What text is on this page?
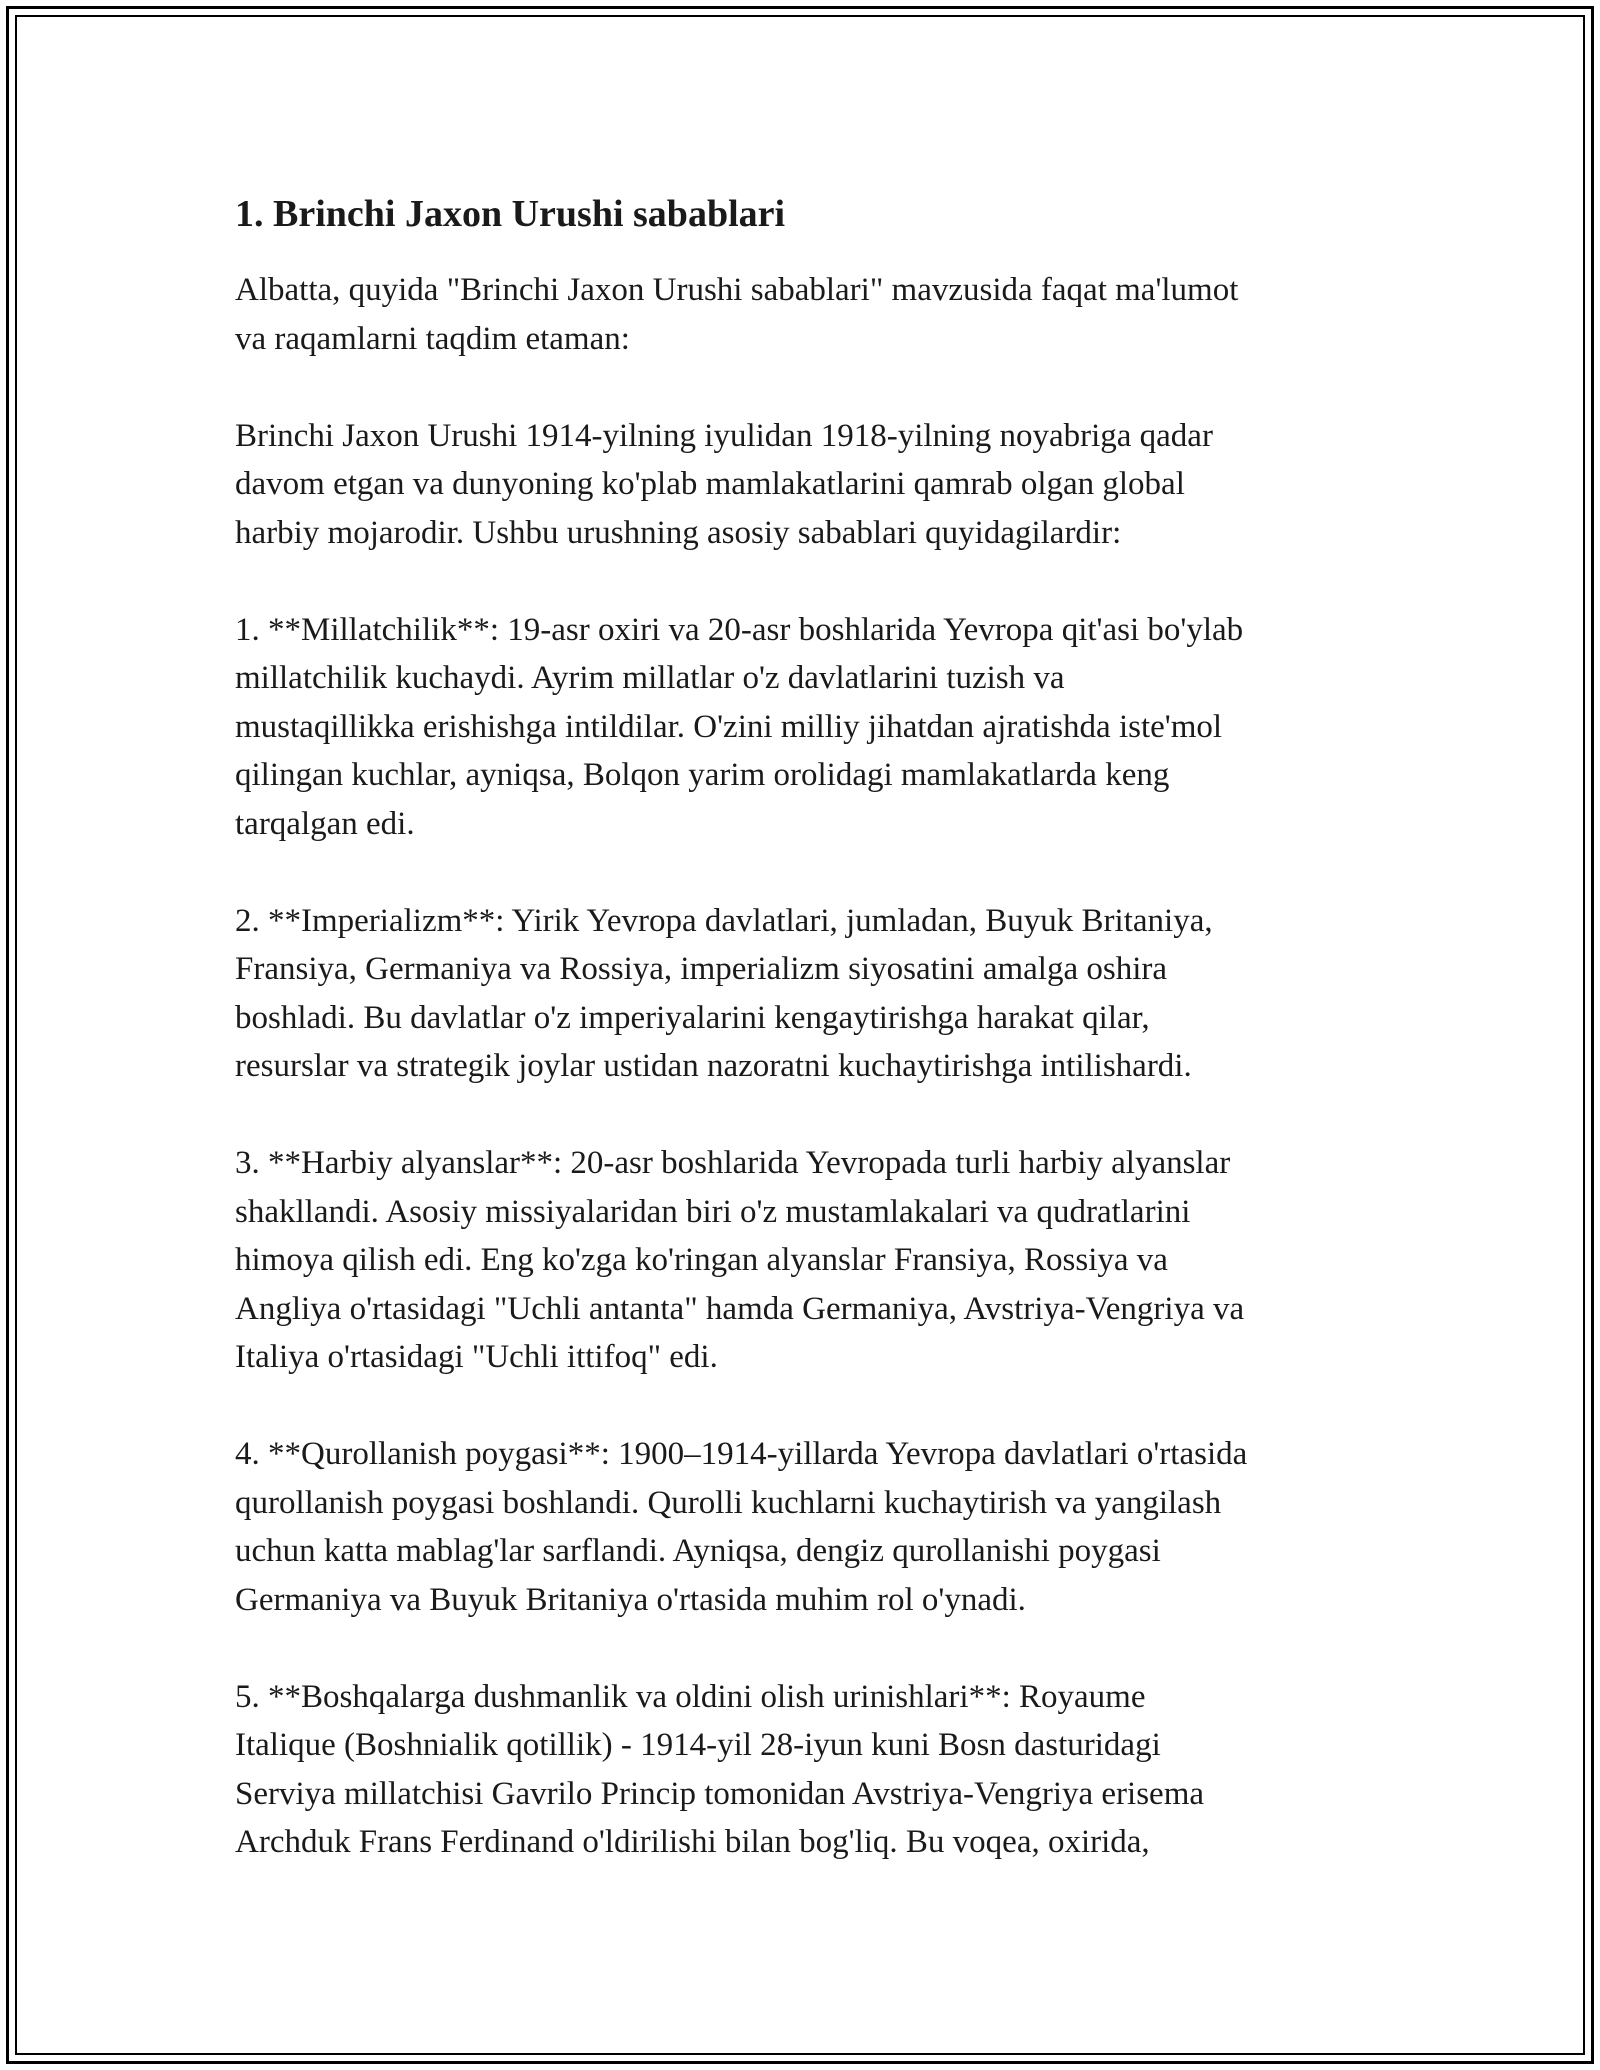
1. Brinchi Jaxon Urushi sabablari
Albatta, quyida "Brinchi Jaxon Urushi sabablari" mavzusida faqat ma'lumot
va raqamlarni taqdim etaman:
Brinchi Jaxon Urushi 1914-yilning iyulidan 1918-yilning noyabriga qadar
davom etgan va dunyoning ko'plab mamlakatlarini qamrab olgan global
harbiy mojarodir. Ushbu urushning asosiy sabablari quyidagilardir:
1. **Millatchilik**: 19-asr oxiri va 20-asr boshlarida Yevropa qit'asi bo'ylab
millatchilik kuchaydi. Ayrim millatlar o'z davlatlarini tuzish va
mustaqillikka erishishga intildilar. O'zini milliy jihatdan ajratishda iste'mol
qilingan kuchlar, ayniqsa, Bolqon yarim orolidagi mamlakatlarda keng
tarqalgan edi.
2. **Imperializm**: Yirik Yevropa davlatlari, jumladan, Buyuk Britaniya,
Fransiya, Germaniya va Rossiya, imperializm siyosatini amalga oshira
boshladi. Bu davlatlar o'z imperiyalarini kengaytirishga harakat qilar,
resurslar va strategik joylar ustidan nazoratni kuchaytirishga intilishardi.
3. **Harbiy alyanslar**: 20-asr boshlarida Yevropada turli harbiy alyanslar
shakllandi. Asosiy missiyalaridan biri o'z mustamlakalari va qudratlarini
himoya qilish edi. Eng ko'zga ko'ringan alyanslar Fransiya, Rossiya va
Angliya o'rtasidagi "Uchli antanta" hamda Germaniya, Avstriya-Vengriya va
Italiya o'rtasidagi "Uchli ittifoq" edi.
4. **Qurollanish poygasi**: 1900–1914-yillarda Yevropa davlatlari o'rtasida
qurollanish poygasi boshlandi. Qurolli kuchlarni kuchaytirish va yangilash
uchun katta mablag'lar sarflandi. Ayniqsa, dengiz qurollanishi poygasi
Germaniya va Buyuk Britaniya o'rtasida muhim rol o'ynadi.
5. **Boshqalarga dushmanlik va oldini olish urinishlari**: Royaume
Italique (Boshnialik qotillik) - 1914-yil 28-iyun kuni Bosn dasturidagi
Serviya millatchisi Gavrilo Princip tomonidan Avstriya-Vengriya erisema
Archduk Frans Ferdinand o'ldirilishi bilan bog'liq. Bu voqea, oxirida,
